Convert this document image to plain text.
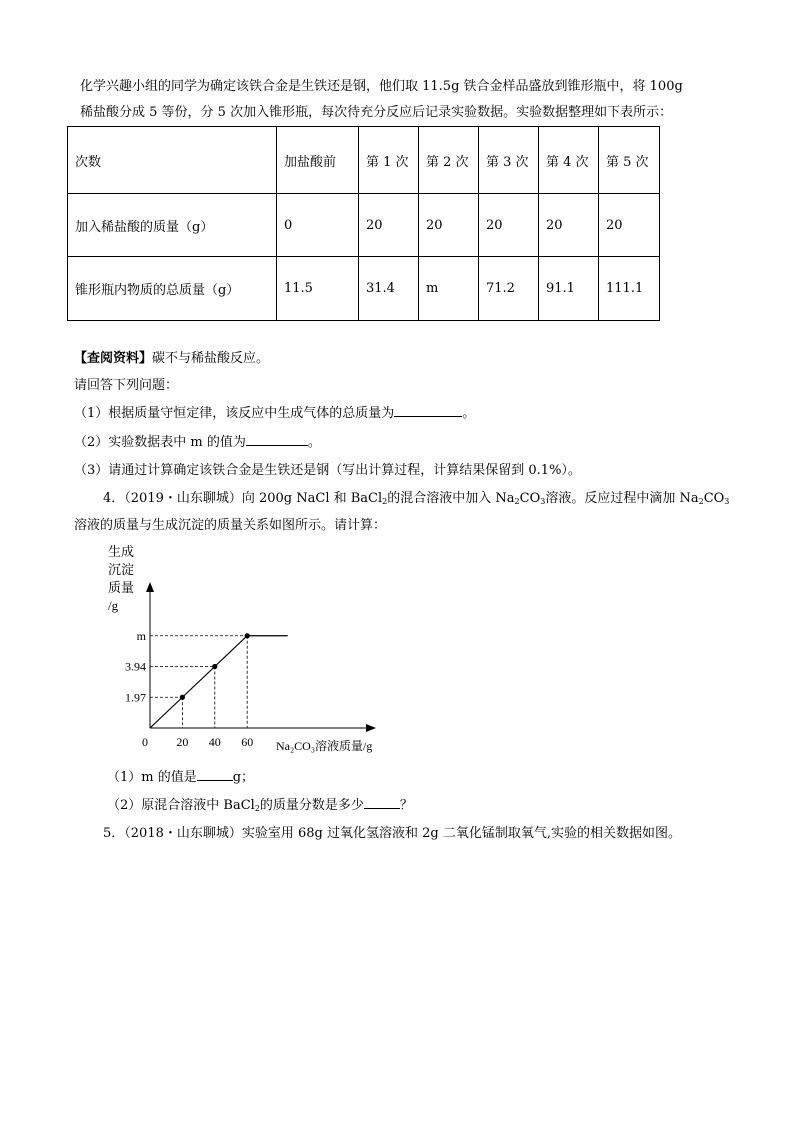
化学兴趣小组的同学为确定该铁合金是生铁还是钢，他们取 11.5g 铁合金样品盛放到锥形瓶中，将 100g
稀盐酸分成 5 等份，分 5 次加入锥形瓶，每次待充分反应后记录实验数据。实验数据整理如下表所示：
次数	加盐酸前	第 1 次	第 2 次	第 3 次	第 4 次	第 5 次
加入稀盐酸的质量（g）	0	20	20	20	20	20
锥形瓶内物质的总质量（g）	11.5	31.4	m	71.2	91.1	111.1
【查阅资料】碳不与稀盐酸反应。
请回答下列问题：
（1）根据质量守恒定律，该反应中生成气体的总质量为	。
（2）实验数据表中 m 的值为	。
（3）请通过计算确定该铁合金是生铁还是钢（写出计算过程，计算结果保留到 0.1%）。
4．（2019・山东聊城）向 200g NaCl 和 BaCl$_2$的混合溶液中加入 $Na_2CO_3$溶液。反应过程中滴加 $Na_2CO_3$
溶液的质量与生成沉淀的质量关系如图所示。请计算：
生成
沉淀
质量
/g
0 20 40 60
1.97
3.94
m
Na₂CO₃溶液质量/g
（1）m 的值是	g；
（2）原混合溶液中 BaCl$_2$的质量分数是多少	？
5．（2018・山东聊城）实验室用 68g 过氧化氢溶液和 2g 二氧化锰制取氧气,实验的相关数据如图。
